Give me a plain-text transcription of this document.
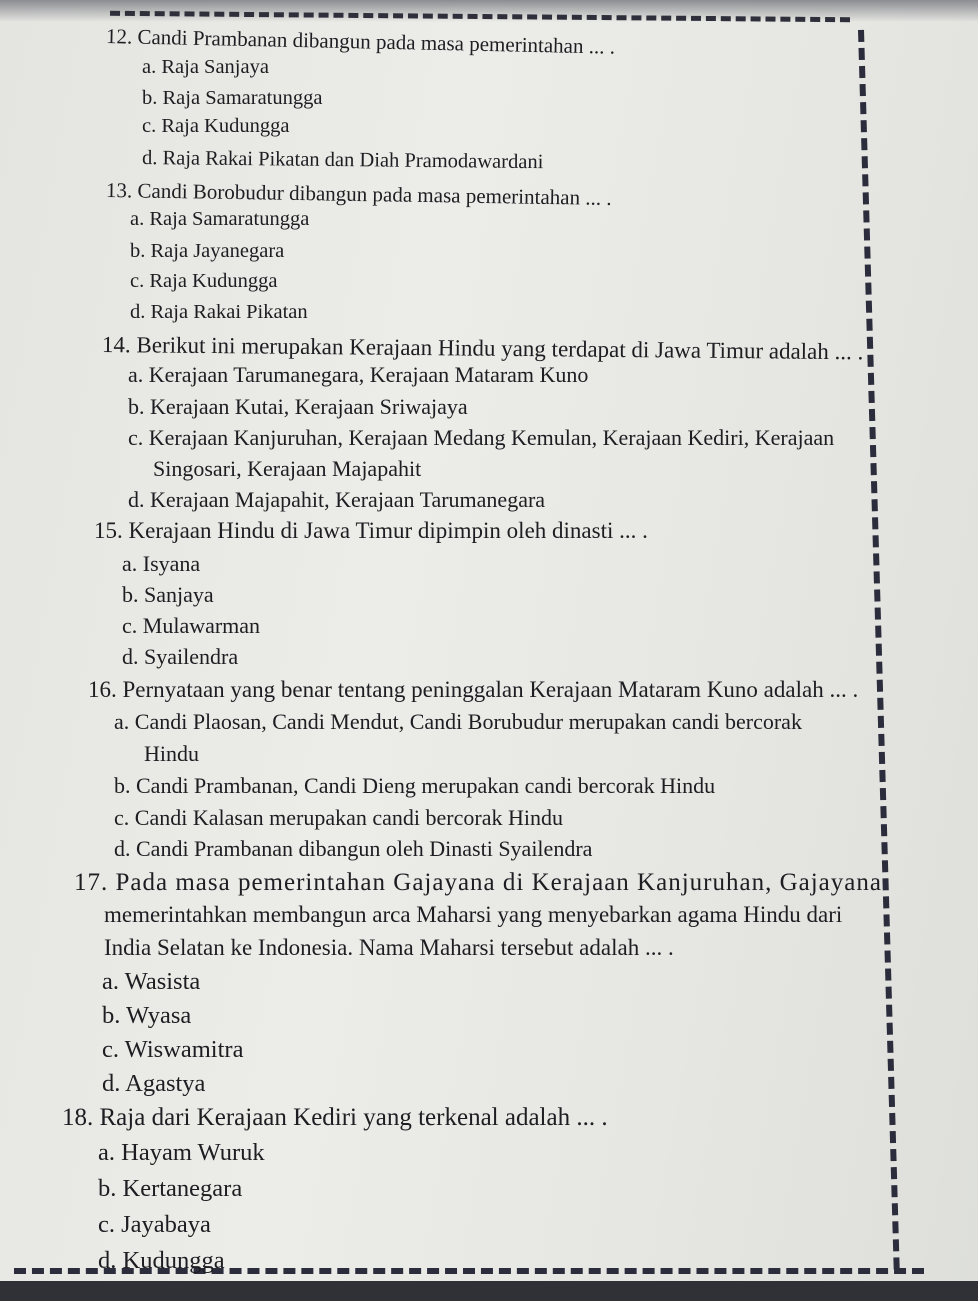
12. Candi Prambanan dibangun pada masa pemerintahan ... .

a. Raja Sanjaya

b. Raja Samaratungga

c. Raja Kudungga

d. Raja Rakai Pikatan dan Diah Pramodawardani

13. Candi Borobudur dibangun pada masa pemerintahan ... .

a. Raja Samaratungga

b. Raja Jayanegara

c. Raja Kudungga

d. Raja Rakai Pikatan

14. Berikut ini merupakan Kerajaan Hindu yang terdapat di Jawa Timur adalah ... .

a. Kerajaan Tarumanegara, Kerajaan Mataram Kuno

b. Kerajaan Kutai, Kerajaan Sriwajaya

c. Kerajaan Kanjuruhan, Kerajaan Medang Kemulan, Kerajaan Kediri, Kerajaan

Singosari, Kerajaan Majapahit

d. Kerajaan Majapahit, Kerajaan Tarumanegara

15. Kerajaan Hindu di Jawa Timur dipimpin oleh dinasti ... .

a. Isyana

b. Sanjaya

c. Mulawarman

d. Syailendra

16. Pernyataan yang benar tentang peninggalan Kerajaan Mataram Kuno adalah ... .

a. Candi Plaosan, Candi Mendut, Candi Borubudur merupakan candi bercorak

Hindu

b. Candi Prambanan, Candi Dieng merupakan candi bercorak Hindu

c. Candi Kalasan merupakan candi bercorak Hindu

d. Candi Prambanan dibangun oleh Dinasti Syailendra

17. Pada masa pemerintahan Gajayana di Kerajaan Kanjuruhan, Gajayana

memerintahkan membangun arca Maharsi yang menyebarkan agama Hindu dari

India Selatan ke Indonesia. Nama Maharsi tersebut adalah ... .

a. Wasista

b. Wyasa

c. Wiswamitra

d. Agastya

18. Raja dari Kerajaan Kediri yang terkenal adalah ... .

a. Hayam Wuruk

b. Kertanegara

c. Jayabaya

d. Kudungga
